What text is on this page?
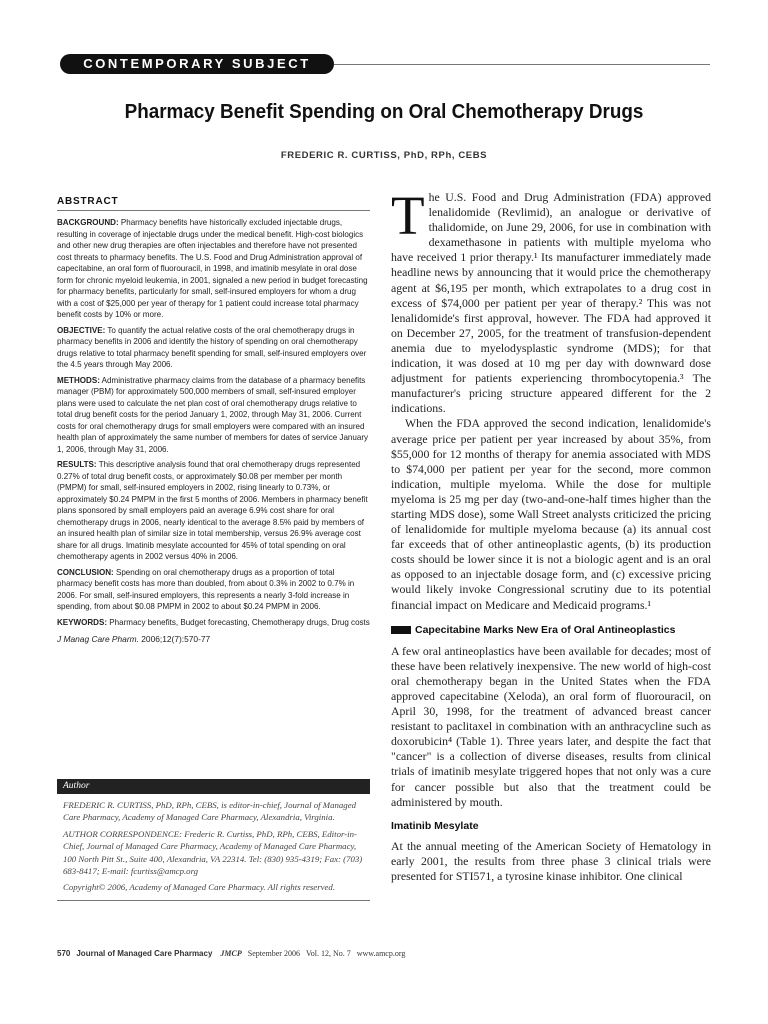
CONTEMPORARY SUBJECT
Pharmacy Benefit Spending on Oral Chemotherapy Drugs
FREDERIC R. CURTISS, PhD, RPh, CEBS
ABSTRACT

BACKGROUND: Pharmacy benefits have historically excluded injectable drugs, resulting in coverage of injectable drugs under the medical benefit. High-cost biologics and other new drug therapies are often injectables and therefore have not presented cost threats to pharmacy benefits. The U.S. Food and Drug Administration approval of capecitabine, an oral form of fluorouracil, in 1998, and imatinib mesylate in oral dose form for chronic myeloid leukemia, in 2001, signaled a new period in budget forecasting for pharmacy benefits, particularly for small, self-insured employers for whom a drug with a cost of $25,000 per year of therapy for 1 patient could increase total pharmacy benefit costs by 10% or more.

OBJECTIVE: To quantify the actual relative costs of the oral chemotherapy drugs in pharmacy benefits in 2006 and identify the history of spending on oral chemotherapy drugs relative to total pharmacy benefit spending for small, self-insured employers over the 4.5 years through May 2006.

METHODS: Administrative pharmacy claims from the database of a pharmacy benefits manager (PBM) for approximately 500,000 members of small, self-insured employer plans were used to calculate the net plan cost of oral chemotherapy drugs relative to total drug benefit costs for the period January 1, 2002, through May 31, 2006. Current costs for oral chemotherapy drugs for small employers were compared with an insured health plan of approximately the same number of members for dates of service January 1, 2006, through May 31, 2006.

RESULTS: This descriptive analysis found that oral chemotherapy drugs represented 0.27% of total drug benefit costs, or approximately $0.08 per member per month (PMPM) for small, self-insured employers in 2002, rising linearly to 0.73%, or approximately $0.24 PMPM in the first 5 months of 2006. Members in pharmacy benefit plans sponsored by small employers paid an average 6.9% cost share for oral chemotherapy drugs in 2006, nearly identical to the average 8.5% paid by members of an insured health plan of similar size in total membership, versus 26.9% average cost share for all drugs. Imatinib mesylate accounted for 45% of total spending on oral chemotherapy agents in 2002 versus 40% in 2006.

CONCLUSION: Spending on oral chemotherapy drugs as a proportion of total pharmacy benefit costs has more than doubled, from about 0.3% in 2002 to 0.7% in 2006. For small, self-insured employers, this represents a nearly 3-fold increase in spending, from about $0.08 PMPM in 2002 to about $0.24 PMPM in 2006.

KEYWORDS: Pharmacy benefits, Budget forecasting, Chemotherapy drugs, Drug costs

J Manag Care Pharm. 2006;12(7):570-77
Author

FREDERIC R. CURTISS, PhD, RPh, CEBS, is editor-in-chief, Journal of Managed Care Pharmacy, Academy of Managed Care Pharmacy, Alexandria, Virginia.

AUTHOR CORRESPONDENCE: Frederic R. Curtiss, PhD, RPh, CEBS, Editor-in-Chief, Journal of Managed Care Pharmacy, Academy of Managed Care Pharmacy, 100 North Pitt St., Suite 400, Alexandria, VA 22314. Tel: (830) 935-4319; Fax: (703) 683-8417; E-mail: fcurtiss@amcp.org

Copyright© 2006, Academy of Managed Care Pharmacy. All rights reserved.

The U.S. Food and Drug Administration (FDA) approved lenalidomide (Revlimid), an analogue or derivative of thalidomide, on June 29, 2006, for use in combination with dexamethasone in patients with multiple myeloma who have received 1 prior therapy.¹ Its manufacturer immediately made headline news by announcing that it would price the chemotherapy agent at $6,195 per month, which extrapolates to a drug cost in excess of $74,000 per patient per year of therapy.² This was not lenalidomide's first approval, however. The FDA had approved it on December 27, 2005, for the treatment of transfusion-dependent anemia due to myelodysplastic syndrome (MDS); for that indication, it was dosed at 10 mg per day with downward dose adjustment for patients experiencing thrombocytopenia.³ The manufacturer's pricing structure appeared different for the 2 indications.

When the FDA approved the second indication, lenalidomide's average price per patient per year increased by about 35%, from $55,000 for 12 months of therapy for anemia associated with MDS to $74,000 per patient per year for the second, more common indication, multiple myeloma. While the dose for multiple myeloma is 25 mg per day (two-and-one-half times higher than the starting MDS dose), some Wall Street analysts criticized the pricing of lenalidomide for multiple myeloma because (a) its annual cost far exceeds that of other antineoplastic agents, (b) its production costs should be lower since it is not a biologic agent and is an oral as opposed to an injectable dosage form, and (c) excessive pricing would likely invoke Congressional scrutiny due to its potential financial impact on Medicare and Medicaid programs.¹

Capecitabine Marks New Era of Oral Antineoplastics

A few oral antineoplastics have been available for decades; most of these have been relatively inexpensive. The new world of high-cost oral chemotherapy began in the United States when the FDA approved capecitabine (Xeloda), an oral form of fluorouracil, on April 30, 1998, for the treatment of advanced breast cancer resistant to paclitaxel in combination with an anthracycline such as doxorubicin⁴ (Table 1). Three years later, and despite the fact that "cancer" is a collection of diverse diseases, results from clinical trials of imatinib mesylate triggered hopes that not only was a cure for cancer possible but also that the treatment could be administered by mouth.

Imatinib Mesylate

At the annual meeting of the American Society of Hematology in early 2001, the results from three phase 3 clinical trials were presented for STI571, a tyrosine kinase inhibitor. One clinical

570 Journal of Managed Care Pharmacy JMCP September 2006 Vol. 12, No. 7 www.amcp.org
